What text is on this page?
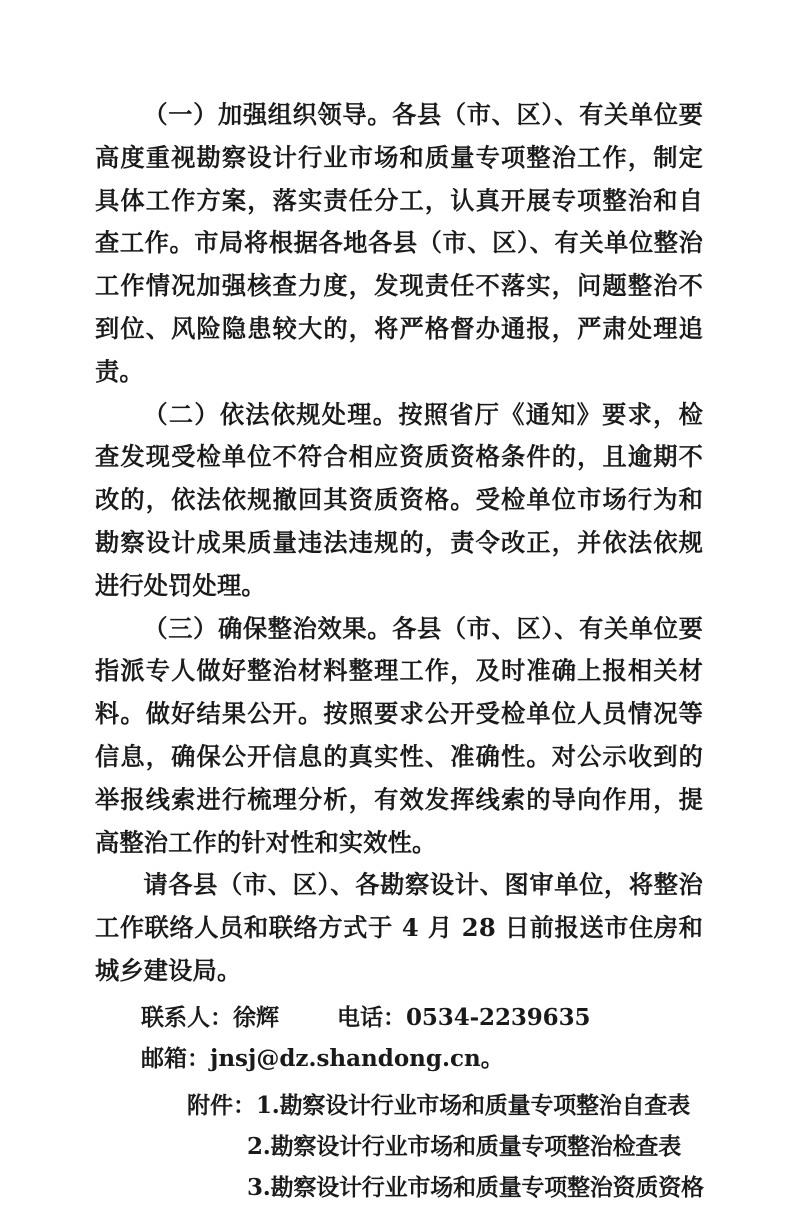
（一）加强组织领导。各县（市、区）、有关单位要高度重视勘察设计行业市场和质量专项整治工作，制定具体工作方案，落实责任分工，认真开展专项整治和自查工作。市局将根据各地各县（市、区）、有关单位整治工作情况加强核查力度，发现责任不落实，问题整治不到位、风险隐患较大的，将严格督办通报，严肃处理追责。

（二）依法依规处理。按照省厅《通知》要求，检查发现受检单位不符合相应资质资格条件的，且逾期不改的，依法依规撤回其资质资格。受检单位市场行为和勘察设计成果质量违法违规的，责令改正，并依法依规进行处罚处理。

（三）确保整治效果。各县（市、区）、有关单位要指派专人做好整治材料整理工作，及时准确上报相关材料。做好结果公开。按照要求公开受检单位人员情况等信息，确保公开信息的真实性、准确性。对公示收到的举报线索进行梳理分析，有效发挥线索的导向作用，提高整治工作的针对性和实效性。

请各县（市、区）、各勘察设计、图审单位，将整治工作联络人员和联络方式于 4 月 28 日前报送市住房和城乡建设局。

联系人：徐辉	电话：0534-2239635
邮箱：jnsj@dz.shandong.cn。
附件：1.勘察设计行业市场和质量专项整治自查表
2.勘察设计行业市场和质量专项整治检查表
3.勘察设计行业市场和质量专项整治资质资格
